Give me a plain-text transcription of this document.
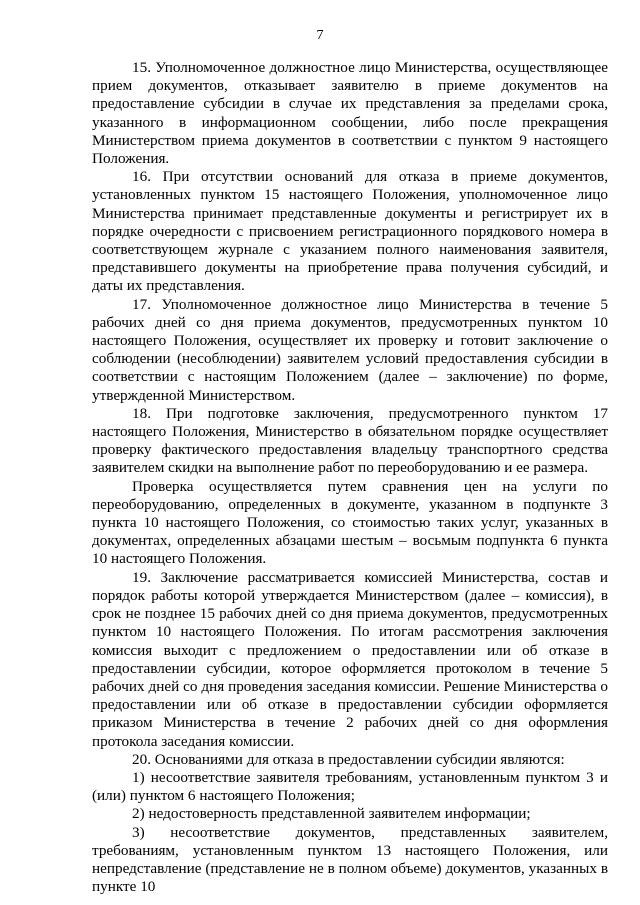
7

15. Уполномоченное должностное лицо Министерства, осуществляющее прием документов, отказывает заявителю в приеме документов на предоставление субсидии в случае их представления за пределами срока, указанного в информационном сообщении, либо после прекращения Министерством приема документов в соответствии с пунктом 9 настоящего Положения.

16. При отсутствии оснований для отказа в приеме документов, установленных пунктом 15 настоящего Положения, уполномоченное лицо Министерства принимает представленные документы и регистрирует их в порядке очередности с присвоением регистрационного порядкового номера в соответствующем журнале с указанием полного наименования заявителя, представившего документы на приобретение права получения субсидий, и даты их представления.

17. Уполномоченное должностное лицо Министерства в течение 5 рабочих дней со дня приема документов, предусмотренных пунктом 10 настоящего Положения, осуществляет их проверку и готовит заключение о соблюдении (несоблюдении) заявителем условий предоставления субсидии в соответствии с настоящим Положением (далее – заключение) по форме, утвержденной Министерством.

18. При подготовке заключения, предусмотренного пунктом 17 настоящего Положения, Министерство в обязательном порядке осуществляет проверку фактического предоставления владельцу транспортного средства заявителем скидки на выполнение работ по переоборудованию и ее размера.

Проверка осуществляется путем сравнения цен на услуги по переоборудованию, определенных в документе, указанном в подпункте 3 пункта 10 настоящего Положения, со стоимостью таких услуг, указанных в документах, определенных абзацами шестым – восьмым подпункта 6 пункта 10 настоящего Положения.

19. Заключение рассматривается комиссией Министерства, состав и порядок работы которой утверждается Министерством (далее – комиссия), в срок не позднее 15 рабочих дней со дня приема документов, предусмотренных пунктом 10 настоящего Положения. По итогам рассмотрения заключения комиссия выходит с предложением о предоставлении или об отказе в предоставлении субсидии, которое оформляется протоколом в течение 5 рабочих дней со дня проведения заседания комиссии. Решение Министерства о предоставлении или об отказе в предоставлении субсидии оформляется приказом Министерства в течение 2 рабочих дней со дня оформления протокола заседания комиссии.

20. Основаниями для отказа в предоставлении субсидии являются:

1) несоответствие заявителя требованиям, установленным пунктом 3 и (или) пунктом 6 настоящего Положения;

2) недостоверность представленной заявителем информации;

3) несоответствие документов, представленных заявителем, требованиям, установленным пунктом 13 настоящего Положения, или непредставление (представление не в полном объеме) документов, указанных в пункте 10
